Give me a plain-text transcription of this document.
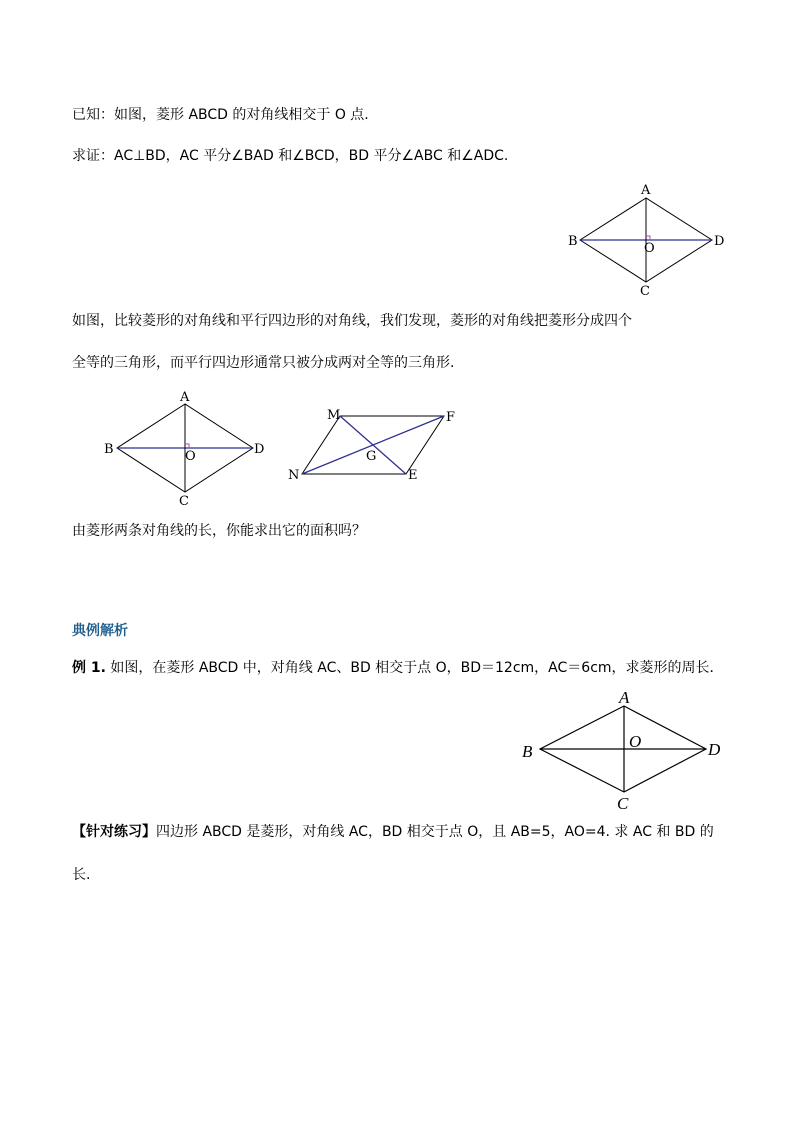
已知：如图，菱形 ABCD 的对角线相交于 O 点.
求证：AC⊥BD，AC 平分∠BAD 和∠BCD，BD 平分∠ABC 和∠ADC.
A
B
C
D
O
如图，比较菱形的对角线和平行四边形的对角线，我们发现，菱形的对角线把菱形分成四个
全等的三角形，而平行四边形通常只被分成两对全等的三角形.
A
B
C
D
O
M	F
N	E
G
由菱形两条对角线的长，你能求出它的面积吗？
典例解析
例 1. 如图，在菱形 ABCD 中，对角线 AC、BD 相交于点 O，BD＝12cm，AC＝6cm，求菱形的周长．
A
B
C
D
O
【针对练习】四边形 ABCD 是菱形，对角线 AC，BD 相交于点 O，且 AB=5，AO=4. 求 AC 和 BD 的
长.
